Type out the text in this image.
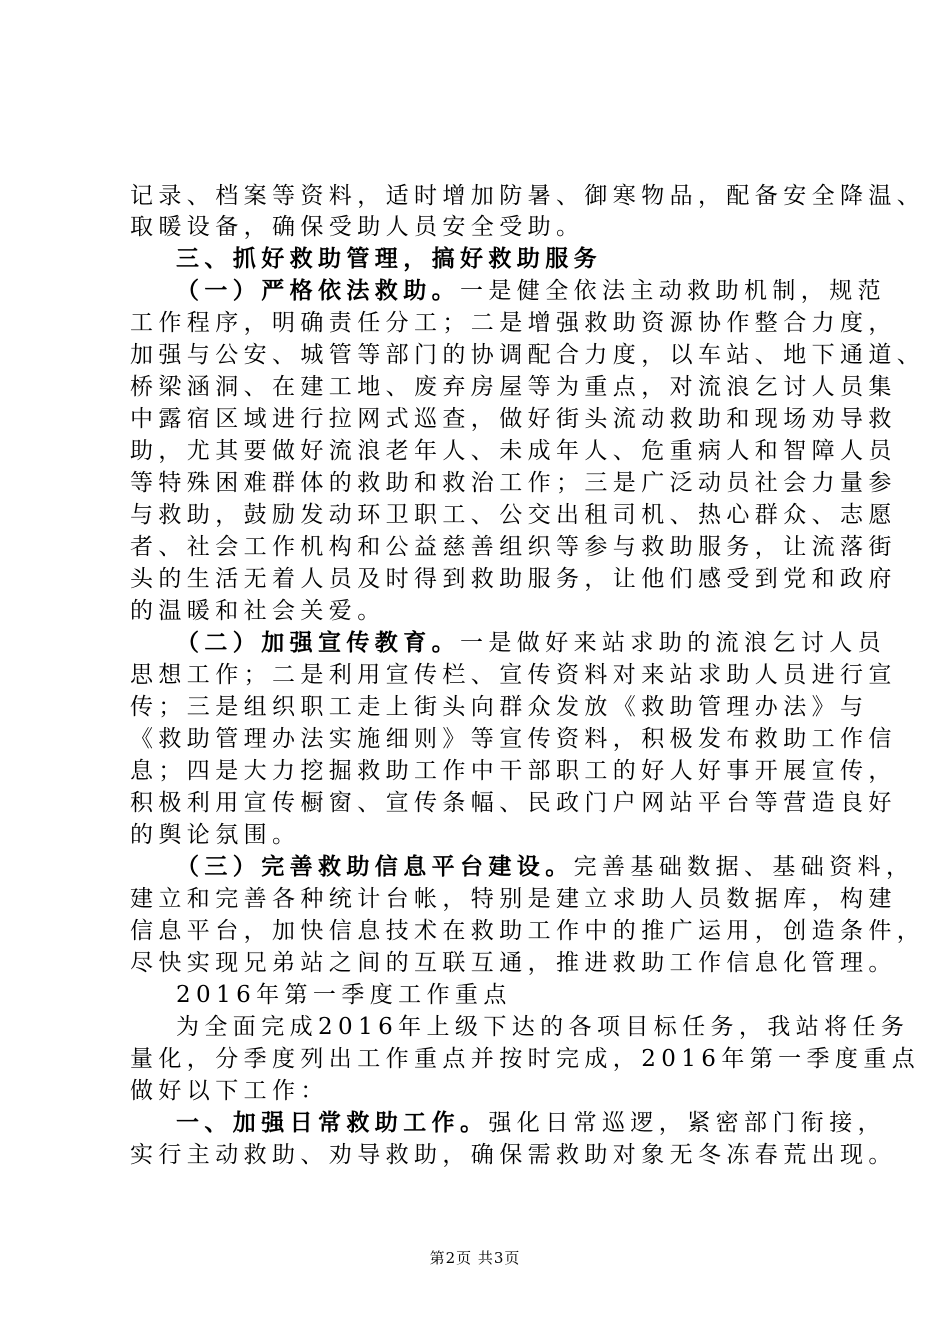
记录、档案等资料，适时增加防暑、御寒物品，配备安全降温、
取暖设备，确保受助人员安全受助。
三、抓好救助管理，搞好救助服务
（一）严格依法救助。一是健全依法主动救助机制，规范
工作程序，明确责任分工；二是增强救助资源协作整合力度，
加强与公安、城管等部门的协调配合力度，以车站、地下通道、
桥梁涵洞、在建工地、废弃房屋等为重点，对流浪乞讨人员集
中露宿区域进行拉网式巡查，做好街头流动救助和现场劝导救
助，尤其要做好流浪老年人、未成年人、危重病人和智障人员
等特殊困难群体的救助和救治工作；三是广泛动员社会力量参
与救助，鼓励发动环卫职工、公交出租司机、热心群众、志愿
者、社会工作机构和公益慈善组织等参与救助服务，让流落街
头的生活无着人员及时得到救助服务，让他们感受到党和政府
的温暖和社会关爱。
（二）加强宣传教育。一是做好来站求助的流浪乞讨人员
思想工作；二是利用宣传栏、宣传资料对来站求助人员进行宣
传；三是组织职工走上街头向群众发放《救助管理办法》与
《救助管理办法实施细则》等宣传资料，积极发布救助工作信
息；四是大力挖掘救助工作中干部职工的好人好事开展宣传，
积极利用宣传橱窗、宣传条幅、民政门户网站平台等营造良好
的舆论氛围。
（三）完善救助信息平台建设。完善基础数据、基础资料，
建立和完善各种统计台帐，特别是建立求助人员数据库，构建
信息平台，加快信息技术在救助工作中的推广运用，创造条件，
尽快实现兄弟站之间的互联互通，推进救助工作信息化管理。
2016年第一季度工作重点
为全面完成2016年上级下达的各项目标任务，我站将任务
量化，分季度列出工作重点并按时完成，2016年第一季度重点
做好以下工作：
一、加强日常救助工作。强化日常巡逻，紧密部门衔接，
实行主动救助、劝导救助，确保需救助对象无冬冻春荒出现。
第2页 共3页
